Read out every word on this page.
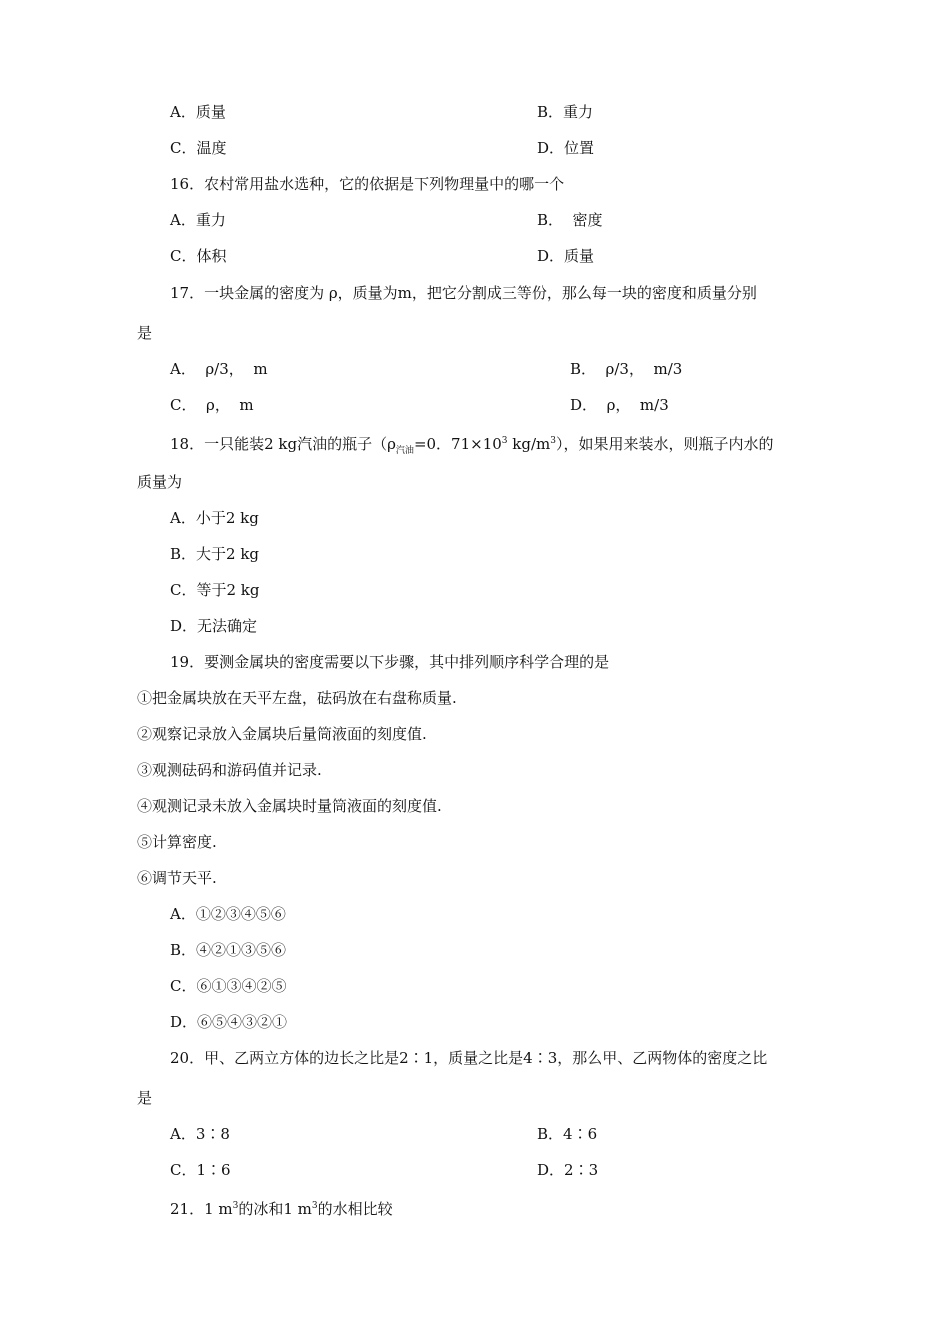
A．质量	B．重力
C．温度	D．位置
16．农村常用盐水选种，它的依据是下列物理量中的哪一个
A．重力	B．  密度
C．体积	D．质量
17．一块金属的密度为 ρ，质量为m，把它分割成三等份，那么每一块的密度和质量分别
是
A．  ρ/3，  m	B．  ρ/3，  m/3
C．  ρ，  m	D．  ρ，  m/3
18．一只能装2 kg汽油的瓶子（$\rho_{汽油}=0$．$71\times 10^3$ $kg/m^3$），如果用来装水，则瓶子内水的
质量为
A．小于2 kg
B．大于2 kg
C．等于2 kg
D．无法确定
19．要测金属块的密度需要以下步骤，其中排列顺序科学合理的是
①把金属块放在天平左盘，砝码放在右盘称质量.
②观察记录放入金属块后量筒液面的刻度值.
③观测砝码和游码值并记录.
④观测记录未放入金属块时量筒液面的刻度值.
⑤计算密度.
⑥调节天平.
A．①②③④⑤⑥
B．④②①③⑤⑥
C．⑥①③④②⑤
D．⑥⑤④③②①
20．甲、乙两立方体的边长之比是2∶1，质量之比是4∶3，那么甲、乙两物体的密度之比
是
A．3∶8	B．4∶6
C．1∶6	D．2∶3
21．1 $m^3$的冰和1 $m^3$的水相比较
